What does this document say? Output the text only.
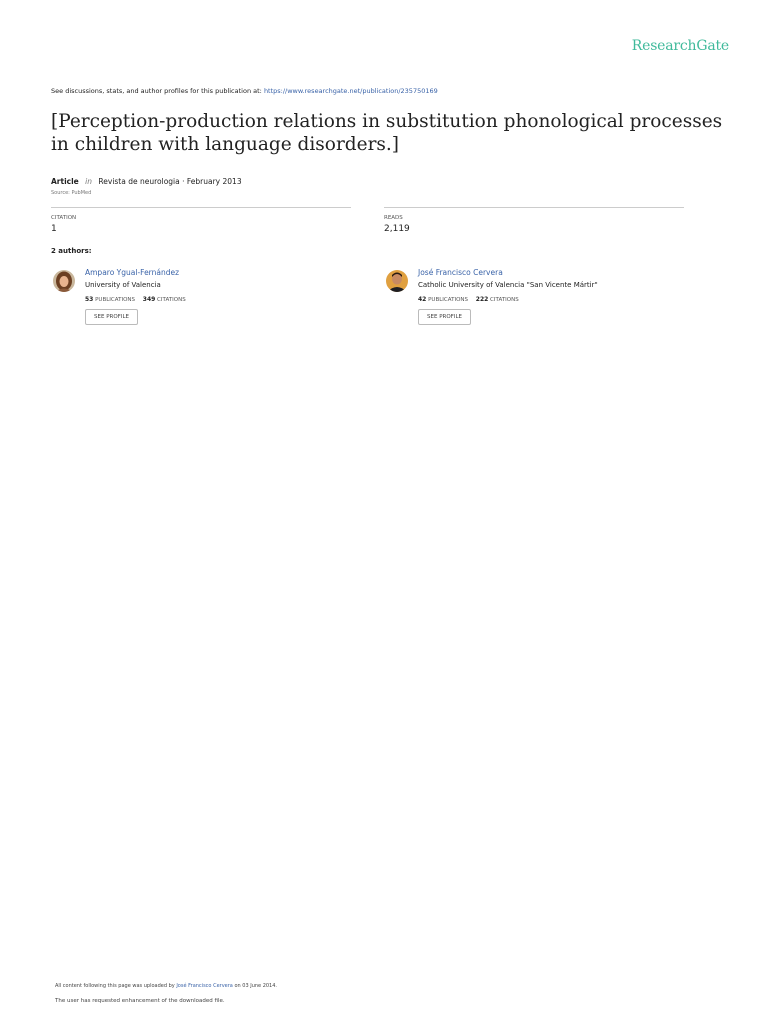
ResearchGate
See discussions, stats, and author profiles for this publication at: https://www.researchgate.net/publication/235750169
[Perception-production relations in substitution phonological processes in children with language disorders.]
Article in Revista de neurologia · February 2013
Source: PubMed
CITATION
1
READS
2,119
2 authors:
Amparo Ygual-Fernández
University of Valencia
53 PUBLICATIONS 349 CITATIONS
SEE PROFILE
José Francisco Cervera
Catholic University of Valencia "San Vicente Mártir"
42 PUBLICATIONS 222 CITATIONS
SEE PROFILE
All content following this page was uploaded by José Francisco Cervera on 03 June 2014.
The user has requested enhancement of the downloaded file.
